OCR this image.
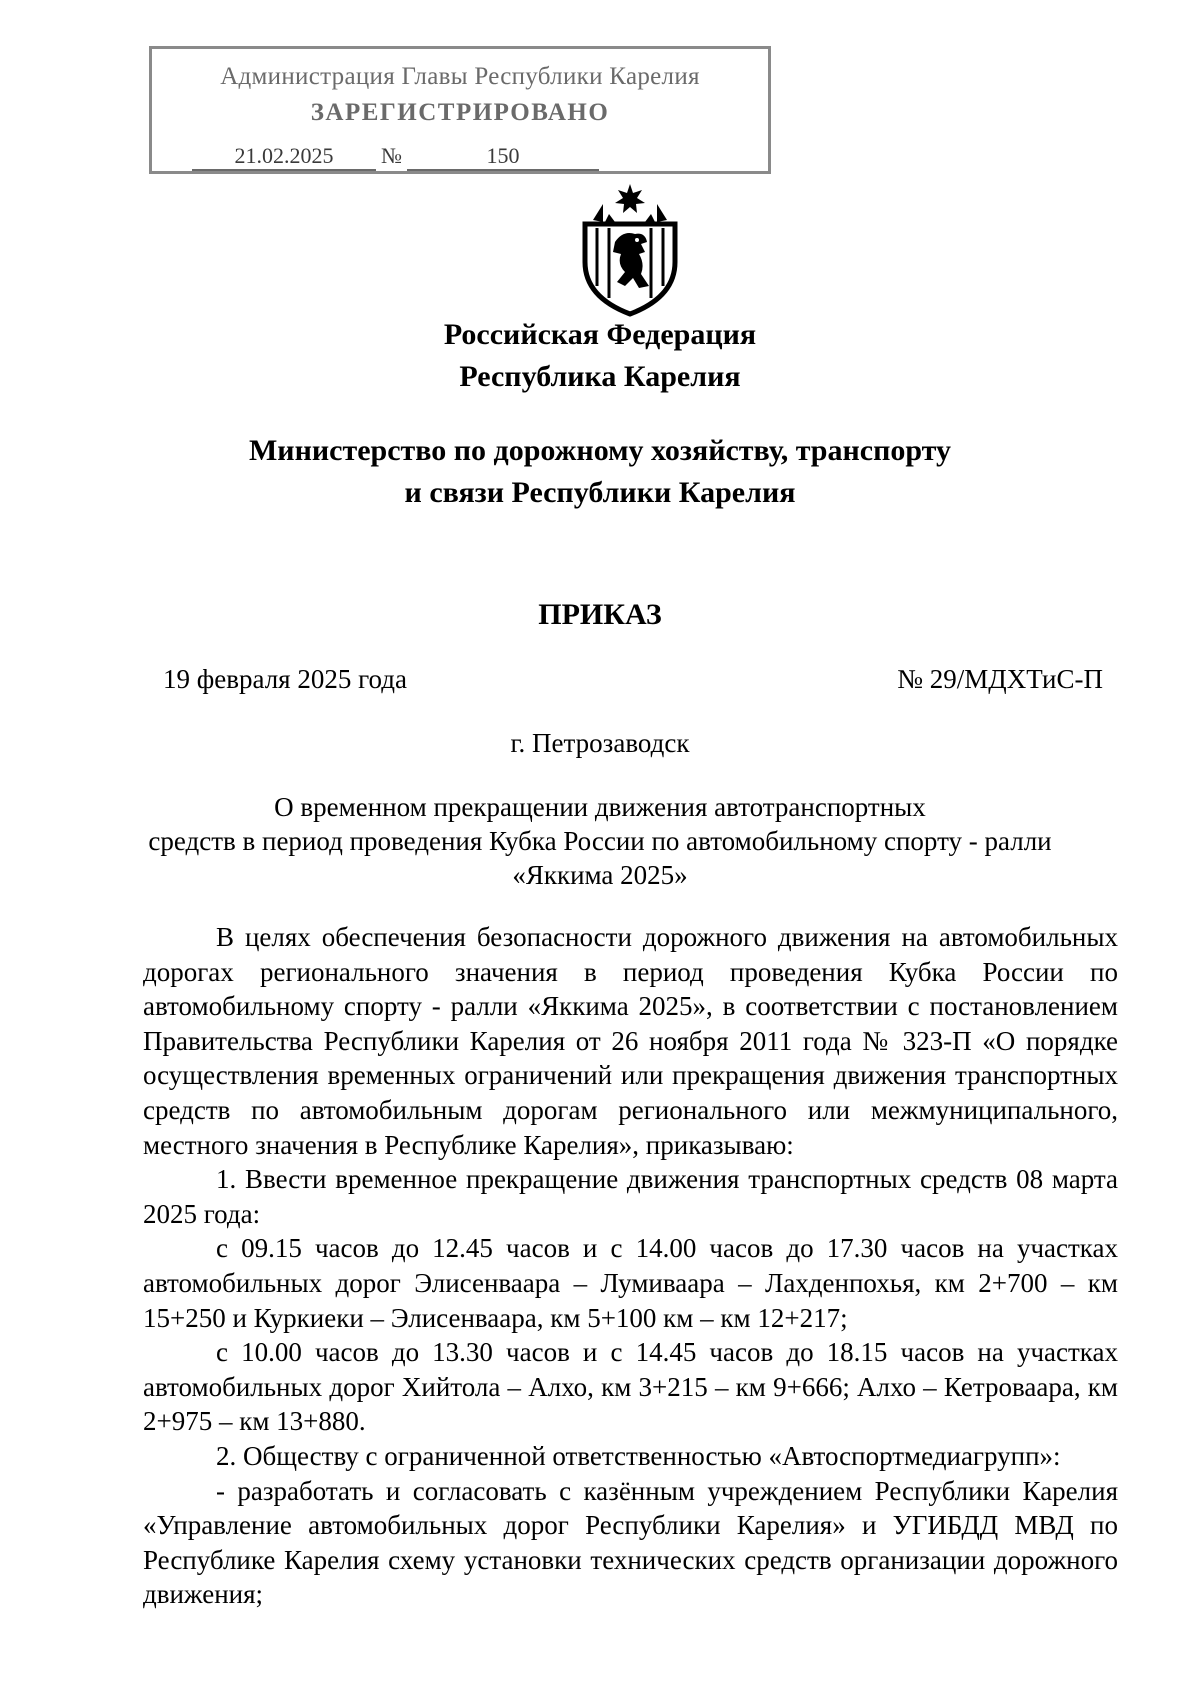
Администрация Главы Республики Карелия
ЗАРЕГИСТРИРОВАНО
21.02.2025	№	150
Российская Федерация
Республика Карелия
Министерство по дорожному хозяйству, транспорту
и связи Республики Карелия
ПРИКАЗ
19 февраля 2025 года	№ 29/МДХТиС-П
г. Петрозаводск
О временном прекращении движения автотранспортных
средств в период проведения Кубка России по автомобильному спорту - ралли
«Яккима 2025»

В целях обеспечения безопасности дорожного движения на автомобильных дорогах регионального значения в период проведения Кубка России по автомобильному спорту - ралли «Яккима 2025», в соответствии с постановлением Правительства Республики Карелия от 26 ноября 2011 года № 323-П «О порядке осуществления временных ограничений или прекращения движения транспортных средств по автомобильным дорогам регионального или межмуниципального, местного значения в Республике Карелия», приказываю:

1. Ввести временное прекращение движения транспортных средств 08 марта 2025 года:

с 09.15 часов до 12.45 часов и с 14.00 часов до 17.30 часов на участках автомобильных дорог Элисенваара – Лумиваара – Лахденпохья, км 2+700 – км 15+250 и Куркиеки – Элисенваара, км 5+100 км – км 12+217;

с 10.00 часов до 13.30 часов и с 14.45 часов до 18.15 часов на участках автомобильных дорог Хийтола – Алхо, км 3+215 – км 9+666; Алхо – Кетроваара, км 2+975 – км 13+880.

2. Обществу с ограниченной ответственностью «Автоспортмедиагрупп»:

- разработать и согласовать с казённым учреждением Республики Карелия «Управление автомобильных дорог Республики Карелия» и УГИБДД МВД по Республике Карелия схему установки технических средств организации дорожного движения;
